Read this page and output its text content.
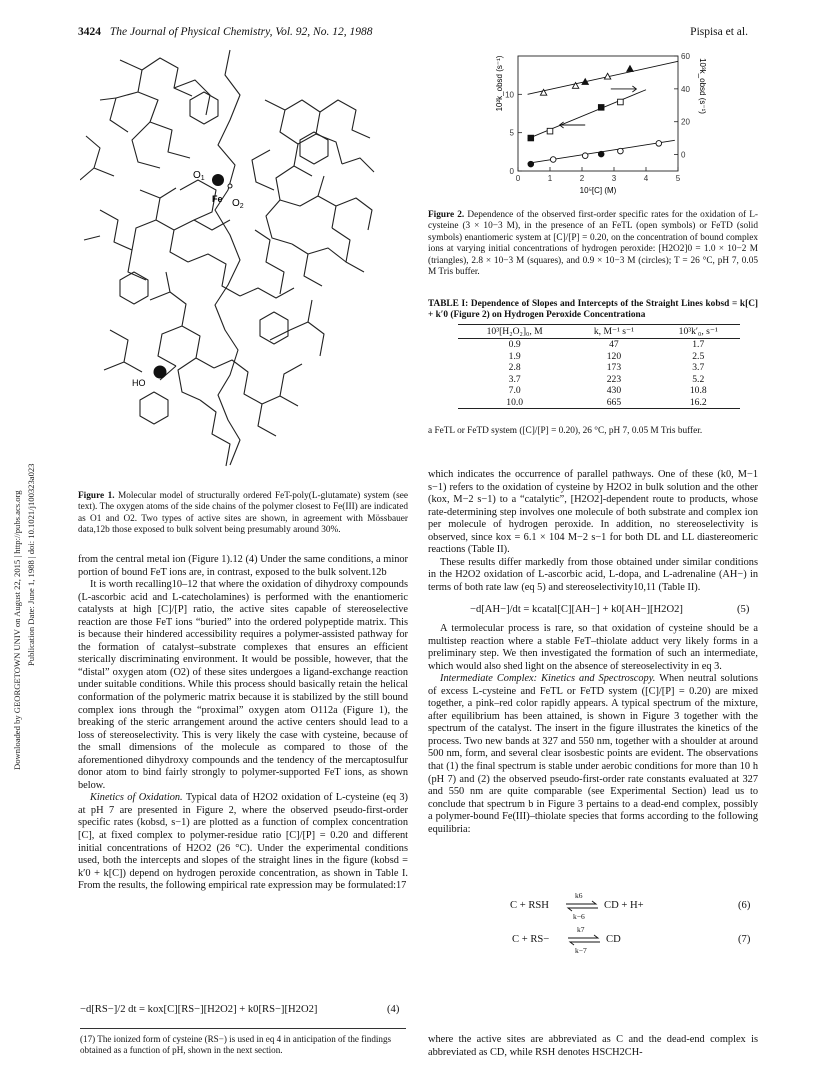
3424 The Journal of Physical Chemistry, Vol. 92, No. 12, 1988	Pispisa et al.
Downloaded by GEORGETOWN UNIV on August 22, 2015 | http://pubs.acs.org Publication Date: June 1, 1988 | doi: 10.1021/j100323a023
$O_1$
Fe $O_2$
HO
Figure 1. Molecular model of structurally ordered FeT-poly(L-glutamate) system (see text). The oxygen atoms of the side chains of the polymer closest to Fe(III) are indicated as O1 and O2. Two types of active sites are shown, in agreement with Mössbauer data,12b those exposed to bulk solvent being presumably around 30%.

from the central metal ion (Figure 1).12 (4) Under the same conditions, a minor portion of bound FeT ions are, in contrast, exposed to the bulk solvent.12b

It is worth recalling10–12 that where the oxidation of dihydroxy compounds (L-ascorbic acid and L-catecholamines) is performed with the enantiomeric catalysts at high [C]/[P] ratio, the active sites capable of stereoselective reaction are those FeT ions “buried” into the ordered polypeptide matrix. This is because their hindered accessibility requires a polymer-assisted pathway for the formation of catalyst–substrate complexes that ensures an efficient sterically discriminating environment. It would be possible, however, that the “distal” oxygen atom (O2) of these sites undergoes a ligand-exchange reaction under suitable conditions. While this process should basically retain the helical conformation of the polymeric matrix because it is stabilized by the still bound complex ions through the “proximal” oxygen atom O112a (Figure 1), the breaking of the steric arrangement around the active centers should lead to a loss of stereoselectivity. This is very likely the case with cysteine, because of the small dimensions of the molecule as compared to those of the aforementioned dihydroxy compounds and the tendency of the mercaptosulfur donor atom to bind fairly strongly to polymer-supported FeT ions, as shown below.

Kinetics of Oxidation. Typical data of H2O2 oxidation of L-cysteine (eq 3) at pH 7 are presented in Figure 2, where the observed pseudo-first-order specific rates (kobsd, s−1) are plotted as a function of complex concentration [C], at fixed complex to polymer-residue ratio [C]/[P] = 0.20 and different initial concentrations of H2O2 (26 °C). Under the experimental conditions used, both the intercepts and slopes of the straight lines in the figure (kobsd = k′0 + k[C]) depend on hydrogen peroxide concentration, as shown in Table I. From the results, the following empirical rate expression may be formulated:17

−d[RS−]/2 dt = kox[C][RS−][H2O2] + k0[RS−][H2O2]	(4)
(17) The ionized form of cysteine (RS−) is used in eq 4 in anticipation of the findings obtained as a function of pH, shown in the next section.
0	1	2	3	4	5
0
5
10
0
20
40
60
10⁵[C] (M)
10²k_obsd (s⁻¹)	10³k_obsd (s⁻¹)
Figure 2. Dependence of the observed first-order specific rates for the oxidation of L-cysteine (3 × 10−3 M), in the presence of an FeTL (open symbols) or FeTD (solid symbols) enantiomeric system at [C]/[P] = 0.20, on the concentration of bound complex ions at varying initial concentrations of hydrogen peroxide: [H2O2]0 = 1.0 × 10−2 M (triangles), 2.8 × 10−3 M (squares), and 0.9 × 10−3 M (circles); T = 26 °C, pH 7, 0.05 M Tris buffer.
TABLE I: Dependence of Slopes and Intercepts of the Straight Lines kobsd = k[C] + k′0 (Figure 2) on Hydrogen Peroxide Concentrationa
10³[H₂O₂]₀, M	k, M⁻¹ s⁻¹	10³k′₀, s⁻¹
0.9	47	1.7
1.9	120	2.5
2.8	173	3.7
3.7	223	5.2
7.0	430	10.8
10.0	665	16.2
a FeTL or FeTD system ([C]/[P] = 0.20), 26 °C, pH 7, 0.05 M Tris buffer.

which indicates the occurrence of parallel pathways. One of these (k0, M−1 s−1) refers to the oxidation of cysteine by H2O2 in bulk solution and the other (kox, M−2 s−1) to a “catalytic”, [H2O2]-dependent route to products, whose rate-determining step involves one molecule of both substrate and complex ion per molecule of hydrogen peroxide. In addition, no stereoselectivity is observed, since kox = 6.1 × 104 M−2 s−1 for both DL and LL diastereomeric reactions (Table II).

These results differ markedly from those obtained under similar conditions in the H2O2 oxidation of L-ascorbic acid, L-dopa, and L-adrenaline (AH−) in terms of both rate law (eq 5) and stereoselectivity10,11 (Table II).

−d[AH−]/dt = kcatal[C][AH−] + k0[AH−][H2O2]	(5)

A termolecular process is rare, so that oxidation of cysteine should be a multistep reaction where a stable FeT–thiolate adduct very likely forms in a preliminary step. We then investigated the formation of such an intermediate, which would also shed light on the absence of stereoselectivity in eq 3.

Intermediate Complex: Kinetics and Spectroscopy. When neutral solutions of excess L-cysteine and FeTL or FeTD system ([C]/[P] = 0.20) are mixed together, a pink–red color rapidly appears. A typical spectrum of the mixture, after equilibrium has been attained, is shown in Figure 3 together with the spectrum of the catalyst. The insert in the figure illustrates the kinetics of the process. Two new bands at 327 and 550 nm, together with a shoulder at around 500 nm, form, and several clear isosbestic points are evident. The observations that (1) the final spectrum is stable under aerobic conditions for more than 10 h (pH 7) and (2) the observed pseudo-first-order rate constants evaluated at 327 and 550 nm are quite comparable (see Experimental Section) lead us to conclude that spectrum b in Figure 3 pertains to a dead-end complex, possibly a polymer-bound Fe(III)–thiolate species that forms according to the following equilibria:

C + RSH
k6
k−6
CD + H+	(6)
C + RS−
k7
k−7
CD	(7)

where the active sites are abbreviated as C and the dead-end complex is abbreviated as CD, while RSH denotes HSCH2CH-
